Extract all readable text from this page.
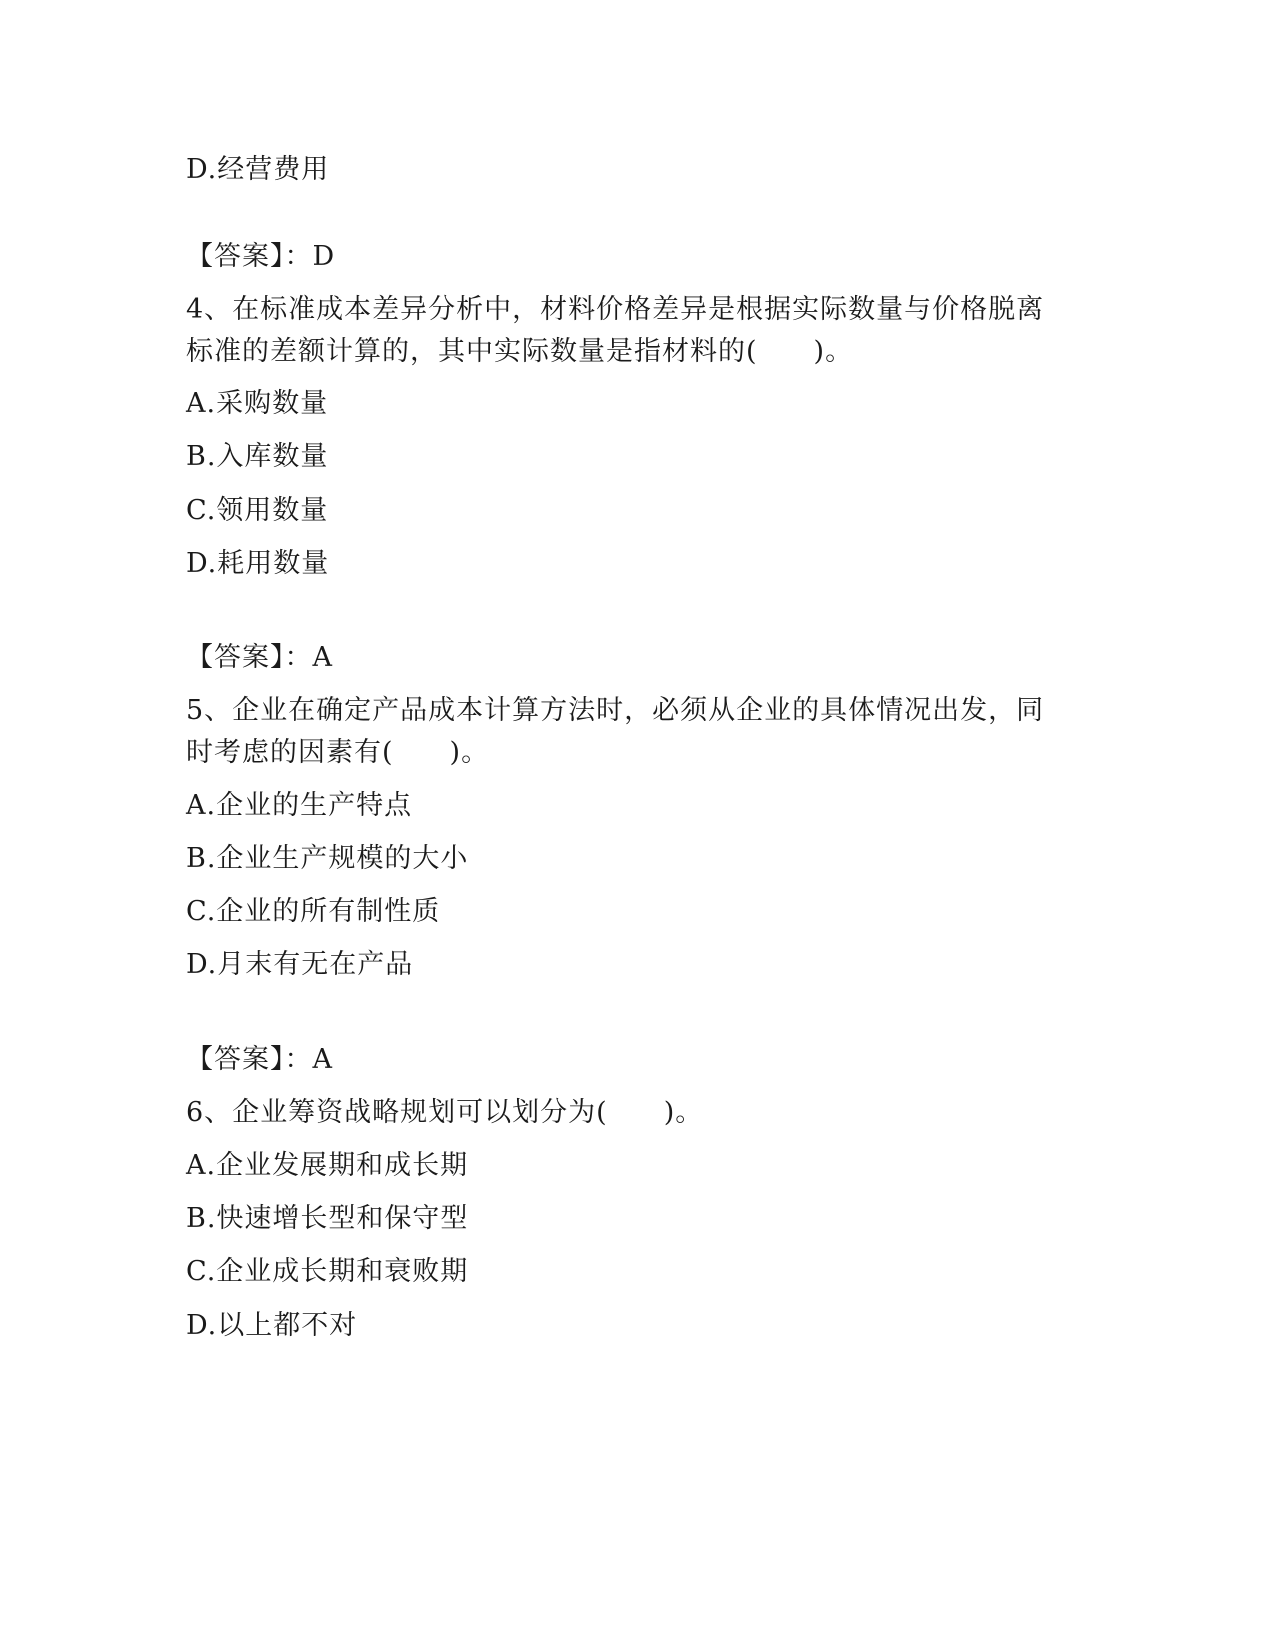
D.经营费用
【答案】：D
4、在标准成本差异分析中，材料价格差异是根据实际数量与价格脱离
标准的差额计算的，其中实际数量是指材料的(　　)。
A.采购数量
B.入库数量
C.领用数量
D.耗用数量
【答案】：A
5、企业在确定产品成本计算方法时，必须从企业的具体情况出发，同
时考虑的因素有(　　)。
A.企业的生产特点
B.企业生产规模的大小
C.企业的所有制性质
D.月末有无在产品
【答案】：A
6、企业筹资战略规划可以划分为(　　)。
A.企业发展期和成长期
B.快速增长型和保守型
C.企业成长期和衰败期
D.以上都不对
